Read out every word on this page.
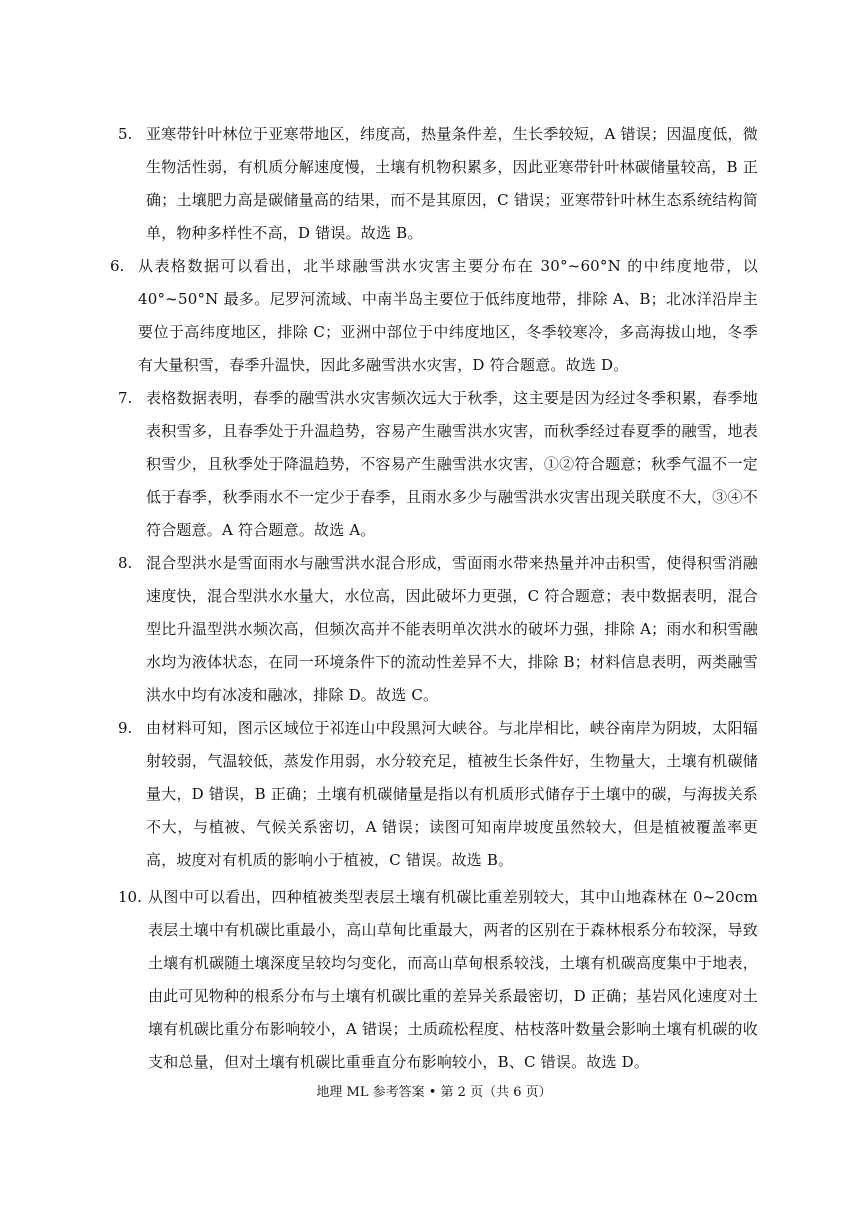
5. 亚寒带针叶林位于亚寒带地区，纬度高，热量条件差，生长季较短，A 错误；因温度低，微生物活性弱，有机质分解速度慢，土壤有机物积累多，因此亚寒带针叶林碳储量较高，B 正确；土壤肥力高是碳储量高的结果，而不是其原因，C 错误；亚寒带针叶林生态系统结构简单，物种多样性不高，D 错误。故选 B。
6. 从表格数据可以看出，北半球融雪洪水灾害主要分布在 30°~60°N 的中纬度地带，以 40°~50°N 最多。尼罗河流域、中南半岛主要位于低纬度地带，排除 A、B；北冰洋沿岸主要位于高纬度地区，排除 C；亚洲中部位于中纬度地区，冬季较寒冷，多高海拔山地，冬季有大量积雪，春季升温快，因此多融雪洪水灾害，D 符合题意。故选 D。
7. 表格数据表明，春季的融雪洪水灾害频次远大于秋季，这主要是因为经过冬季积累，春季地表积雪多，且春季处于升温趋势，容易产生融雪洪水灾害，而秋季经过春夏季的融雪，地表积雪少，且秋季处于降温趋势，不容易产生融雪洪水灾害，①②符合题意；秋季气温不一定低于春季，秋季雨水不一定少于春季，且雨水多少与融雪洪水灾害出现关联度不大，③④不符合题意。A 符合题意。故选 A。
8. 混合型洪水是雪面雨水与融雪洪水混合形成，雪面雨水带来热量并冲击积雪，使得积雪消融速度快，混合型洪水水量大，水位高，因此破坏力更强，C 符合题意；表中数据表明，混合型比升温型洪水频次高，但频次高并不能表明单次洪水的破坏力强，排除 A；雨水和积雪融水均为液体状态，在同一环境条件下的流动性差异不大，排除 B；材料信息表明，两类融雪洪水中均有冰凌和融冰，排除 D。故选 C。
9. 由材料可知，图示区域位于祁连山中段黑河大峡谷。与北岸相比，峡谷南岸为阴坡，太阳辐射较弱，气温较低，蒸发作用弱，水分较充足，植被生长条件好，生物量大，土壤有机碳储量大，D 错误，B 正确；土壤有机碳储量是指以有机质形式储存于土壤中的碳，与海拔关系不大，与植被、气候关系密切，A 错误；读图可知南岸坡度虽然较大，但是植被覆盖率更高，坡度对有机质的影响小于植被，C 错误。故选 B。
10. 从图中可以看出，四种植被类型表层土壤有机碳比重差别较大，其中山地森林在 0~20cm 表层土壤中有机碳比重最小，高山草甸比重最大，两者的区别在于森林根系分布较深，导致土壤有机碳随土壤深度呈较均匀变化，而高山草甸根系较浅，土壤有机碳高度集中于地表，由此可见物种的根系分布与土壤有机碳比重的差异关系最密切，D 正确；基岩风化速度对土壤有机碳比重分布影响较小，A 错误；土质疏松程度、枯枝落叶数量会影响土壤有机碳的收支和总量，但对土壤有机碳比重垂直分布影响较小，B、C 错误。故选 D。
地理 ML 参考答案 • 第 2 页（共 6 页）
